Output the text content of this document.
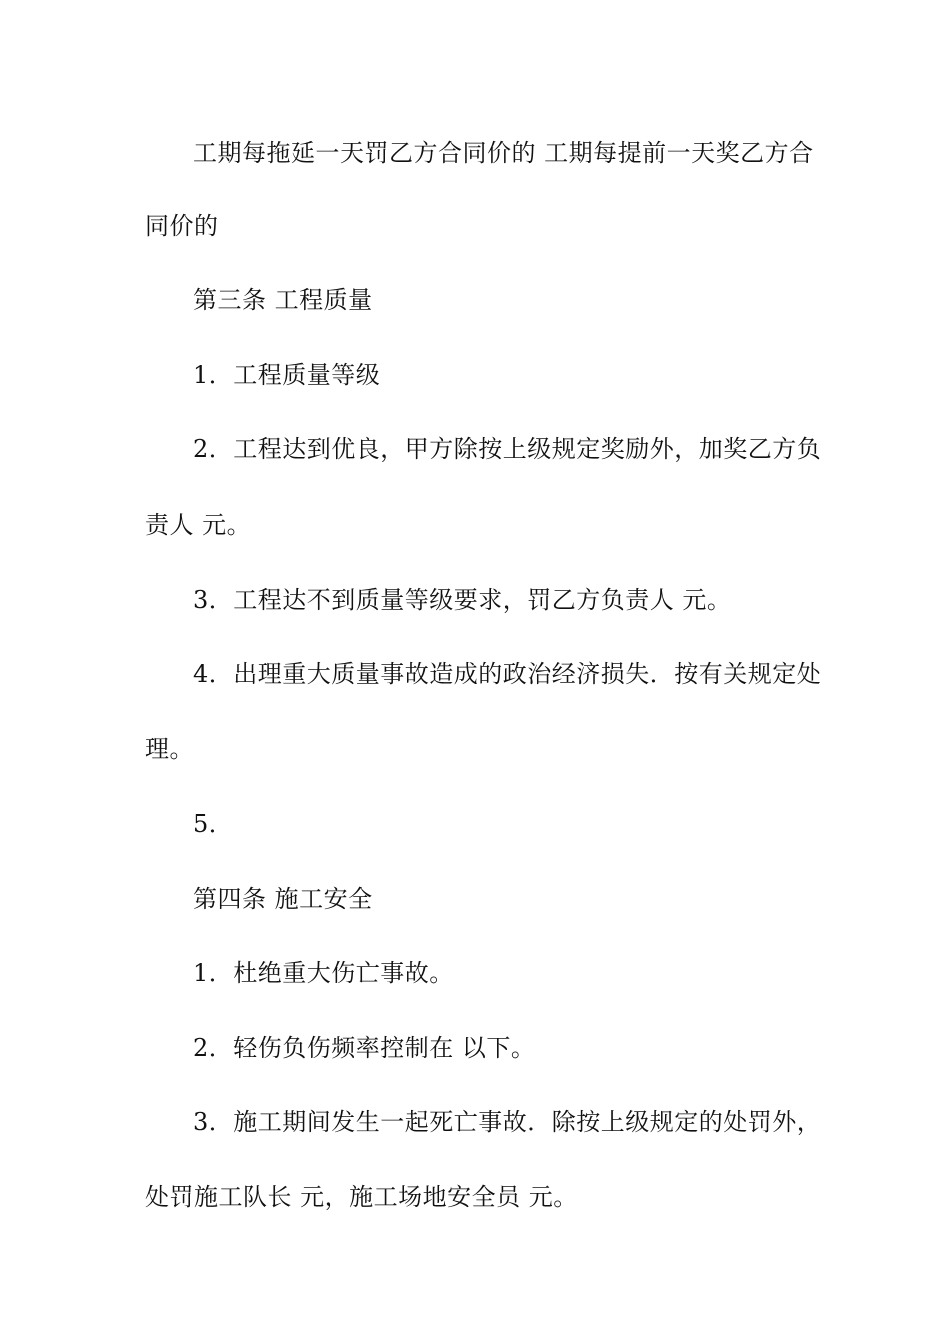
工期每拖延一天罚乙方合同价的 工期每提前一天奖乙方合
同价的
第三条 工程质量
1．工程质量等级
2．工程达到优良，甲方除按上级规定奖励外，加奖乙方负
责人 元。
3．工程达不到质量等级要求，罚乙方负责人 元。
4．出理重大质量事故造成的政治经济损失．按有关规定处
理。
5．
第四条 施工安全
1．杜绝重大伤亡事故。
2．轻伤负伤频率控制在 以下。
3．施工期间发生一起死亡事故．除按上级规定的处罚外，
处罚施工队长 元，施工场地安全员 元。
